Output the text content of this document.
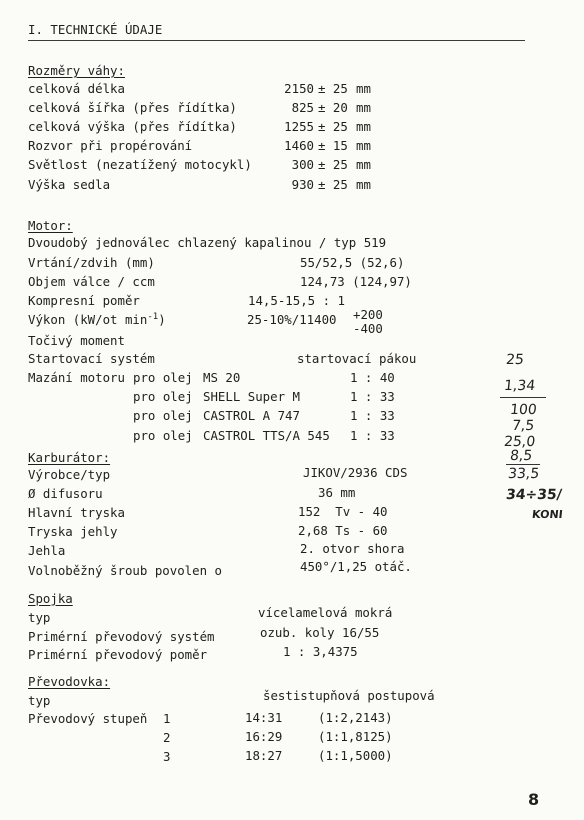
I. TECHNICKÉ ÚDAJE
Rozměry váhy:
celková délka	2150 ± 25 mm
celková šířka (přes řídítka)	825 ± 20 mm
celková výška (přes řídítka)	1255 ± 25 mm
Rozvor při propérování	1460 ± 15 mm
Světlost (nezatížený motocykl)	300 ± 25 mm
Výška sedla	930 ± 25 mm
Motor:
Dvoudobý jednoválec chlazený kapalinou / typ 519
Vrtání/zdvih (mm)	55/52,5 (52,6)
Objem válce / ccm	124,73 (124,97)
Kompresní poměr	14,5-15,5 : 1
Výkon (kW/ot $\min^{-1}$)	25-10%/11400 +200
-400
Točivý moment
Startovací systém	startovací pákou
Mazání motoru pro olej MS 20	1 : 40
pro olej SHELL Super M	1 : 33
pro olej CASTROL A 747	1 : 33
pro olej CASTROL TTS/A 545 1 : 33
Karburátor:
Výrobce/typ	JIKOV/2936 CDS
Ø difusoru	36 mm
Hlavní tryska	152  Tv - 40
Tryska jehly	2,68 Ts - 60
Jehla	2. otvor shora
Volnoběžný šroub povolen o	450°/1,25 otáč.
Spojka
typ	vícelamelová mokrá
Primérní převodový systém	ozub. koly 16/55
Primérní převodový poměr	1 : 3,4375
Převodovka:
typ	šestistupňová postupová
Převodový stupeň 1	14:31	(1:2,2143)
2	16:29	(1:1,8125)
3	18:27	(1:1,5000)
25
1,34
100
7,5
25,0
8,5
33,5
34÷35/
KONI
8
